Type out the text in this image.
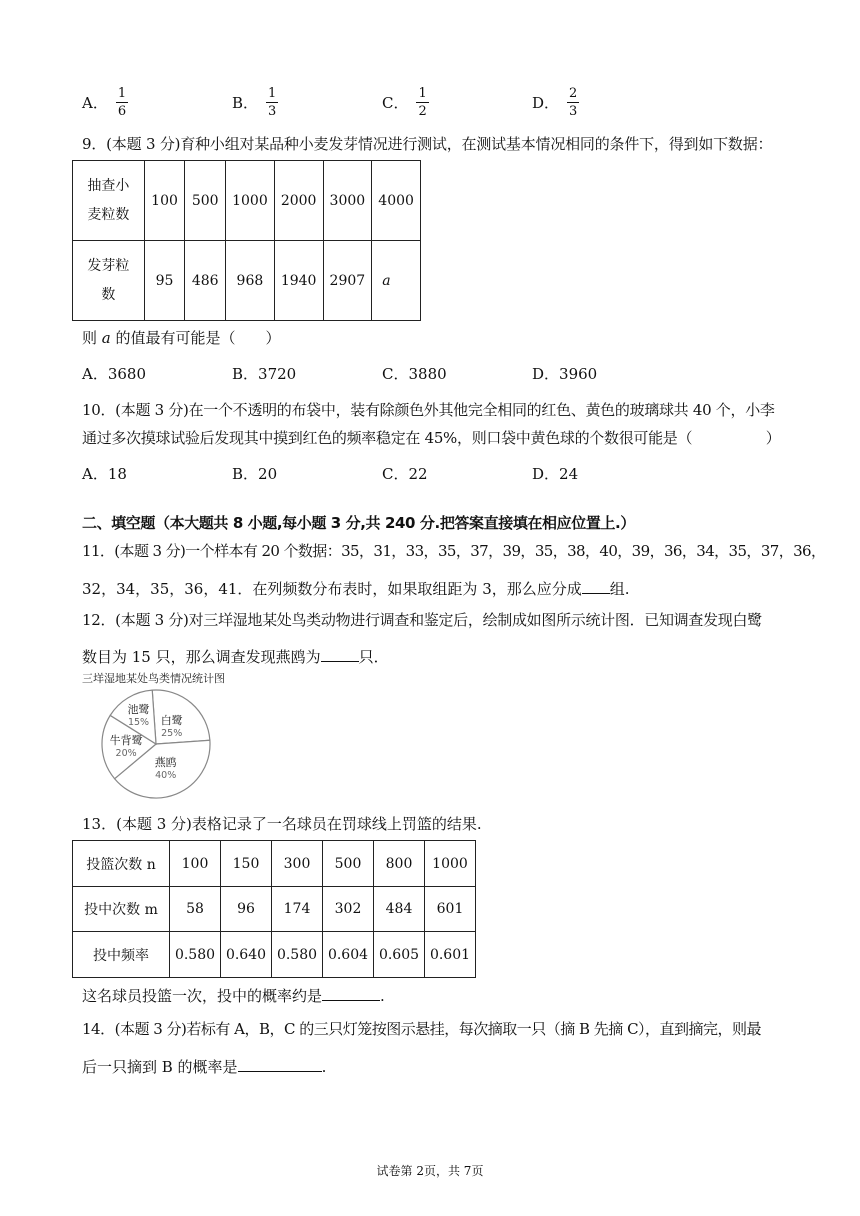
A． $\frac{1}{6}$	B． $\frac{1}{3}$	C． $\frac{1}{2}$	D． $\frac{2}{3}$
9．(本题 3 分)育种小组对某品种小麦发芽情况进行测试，在测试基本情况相同的条件下，得到如下数据：
抽查小
麦粒数	100	500	1000	2000	3000	4000
发芽粒
数	95	486	968	1940	2907	a
则 a 的值最有可能是（　　）
A．3680	B．3720	C．3880	D．3960
10．(本题 3 分)在一个不透明的布袋中，装有除颜色外其他完全相同的红色、黄色的玻璃球共 40 个，小李
通过多次摸球试验后发现其中摸到红色的频率稳定在 45%，则口袋中黄色球的个数很可能是（　　　　　）
A．18	B．20	C．22	D．24
二、填空题（本大题共 8 小题,每小题 3 分,共 240 分.把答案直接填在相应位置上.）
11．(本题 3 分)一个样本有 20 个数据：35，31，33，35，37，39，35，38，40，39，36，34，35，37，36，
32，34，35，36，41．在列频数分布表时，如果取组距为 3，那么应分成 组.
12．(本题 3 分)对三垟湿地某处鸟类动物进行调查和鉴定后，绘制成如图所示统计图．已知调查发现白鹭
数目为 15 只，那么调查发现燕鸥为	只．
三垟湿地某处鸟类情况统计图
白鹭
25%
燕鸥
40%
牛背鹭
20%
池鹭
15%
13．(本题 3 分)表格记录了一名球员在罚球线上罚篮的结果.
投篮次数 n	100	150	300	500	800	1000
投中次数 m	58	96	174	302	484	601
投中频率	0.580	0.640	0.580	0.604	0.605	0.601
这名球员投篮一次，投中的概率约是	.
14．(本题 3 分)若标有 A，B，C 的三只灯笼按图示悬挂，每次摘取一只（摘 B 先摘 C），直到摘完，则最
后一只摘到 B 的概率是	.
试卷第 2页，共 7页
